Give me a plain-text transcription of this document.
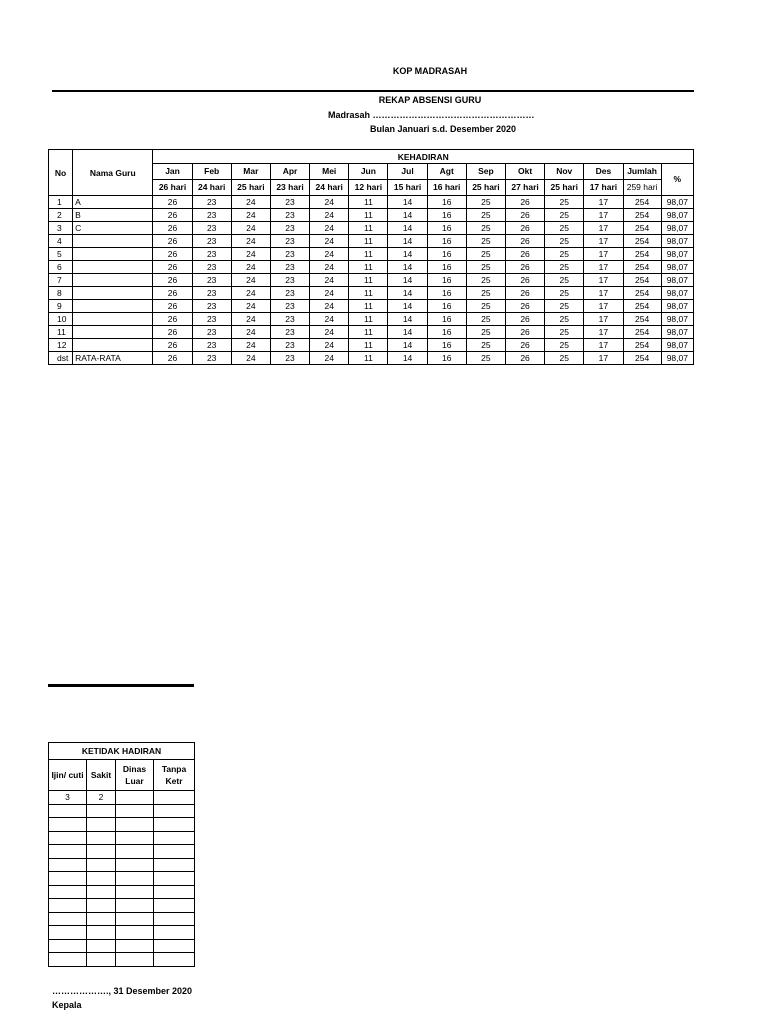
KOP MADRASAH
REKAP ABSENSI GURU
Madrasah ………………………………………………
Bulan Januari s.d. Desember 2020
No	Nama Guru	KEHADIRAN													
		Jan	Feb	Mar	Apr	Mei	Jun	Jul	Agt	Sep	Okt	Nov	Des	Jumlah	%
		26 hari	24 hari	25 hari	23 hari	24 hari	12 hari	15 hari	16 hari	25 hari	27 hari	25 hari	17 hari	259 hari	
1	A	26	23	24	23	24	11	14	16	25	26	25	17	254	98,07
2	B	26	23	24	23	24	11	14	16	25	26	25	17	254	98,07
3	C	26	23	24	23	24	11	14	16	25	26	25	17	254	98,07
4		26	23	24	23	24	11	14	16	25	26	25	17	254	98,07
5		26	23	24	23	24	11	14	16	25	26	25	17	254	98,07
6		26	23	24	23	24	11	14	16	25	26	25	17	254	98,07
7		26	23	24	23	24	11	14	16	25	26	25	17	254	98,07
8		26	23	24	23	24	11	14	16	25	26	25	17	254	98,07
9		26	23	24	23	24	11	14	16	25	26	25	17	254	98,07
10		26	23	24	23	24	11	14	16	25	26	25	17	254	98,07
11		26	23	24	23	24	11	14	16	25	26	25	17	254	98,07
12		26	23	24	23	24	11	14	16	25	26	25	17	254	98,07
dst	RATA-RATA	26	23	24	23	24	11	14	16	25	26	25	17	254	98,07
KETIDAK HADIRAN			
Ijin/ cuti	Sakit	Dinas Luar	Tanpa Ketr
3	2		

………………., 31 Desember 2020
Kepala
